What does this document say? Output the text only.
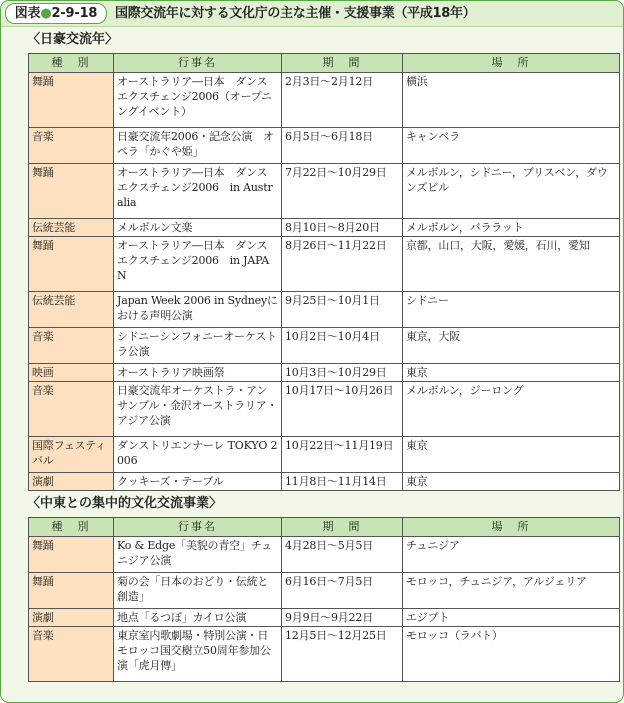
図表●2-9-18	国際交流年に対する文化庁の主な主催・支援事業（平成18年）
〈日豪交流年〉
種　別	行事名	期　間	場　所
舞踊	オーストラリア―日本　ダンスエクスチェンジ2006（オープニングイベント）	2月3日～2月12日	横浜
音楽	日豪交流年2006・記念公演　オペラ「かぐや姫」	6月5日～6月18日	キャンベラ
舞踊	オーストラリア―日本　ダンスエクスチェンジ2006　in Australia	7月22日～10月29日	メルボルン，シドニー，ブリスベン，ダウンズビル
伝統芸能	メルボルン文楽	8月10日～8月20日	メルボルン，バララット
舞踊	オーストラリア―日本　ダンスエクスチェンジ2006　in JAPAN	8月26日～11月22日	京都，山口，大阪，愛媛，石川，愛知
伝統芸能	Japan Week 2006 in Sydneyにおける声明公演	9月25日～10月1日	シドニー
音楽	シドニーシンフォニーオーケストラ公演	10月2日～10月4日	東京，大阪
映画	オーストラリア映画祭	10月3日～10月29日	東京
音楽	日豪交流年オーケストラ・アンサンブル・金沢オーストラリア・アジア公演	10月17日～10月26日	メルボルン，ジーロング
国際フェスティバル	ダンストリエンナーレ TOKYO 2006	10月22日～11月19日	東京
演劇	クッキーズ・テーブル	11月8日～11月14日	東京
〈中東との集中的文化交流事業〉
種　別	行事名	期　間	場　所
舞踊	Ko & Edge「美貌の青空」チュニジア公演	4月28日～5月5日	チュニジア
舞踊	菊の会「日本のおどり・伝統と創造」	6月16日～7月5日	モロッコ，チュニジア，アルジェリア
演劇	地点「るつぼ」カイロ公演	9月9日～9月22日	エジプト
音楽	東京室内歌劇場・特別公演・日モロッコ国交樹立50周年参加公演「虎月傳」	12月5日～12月25日	モロッコ（ラバト）
